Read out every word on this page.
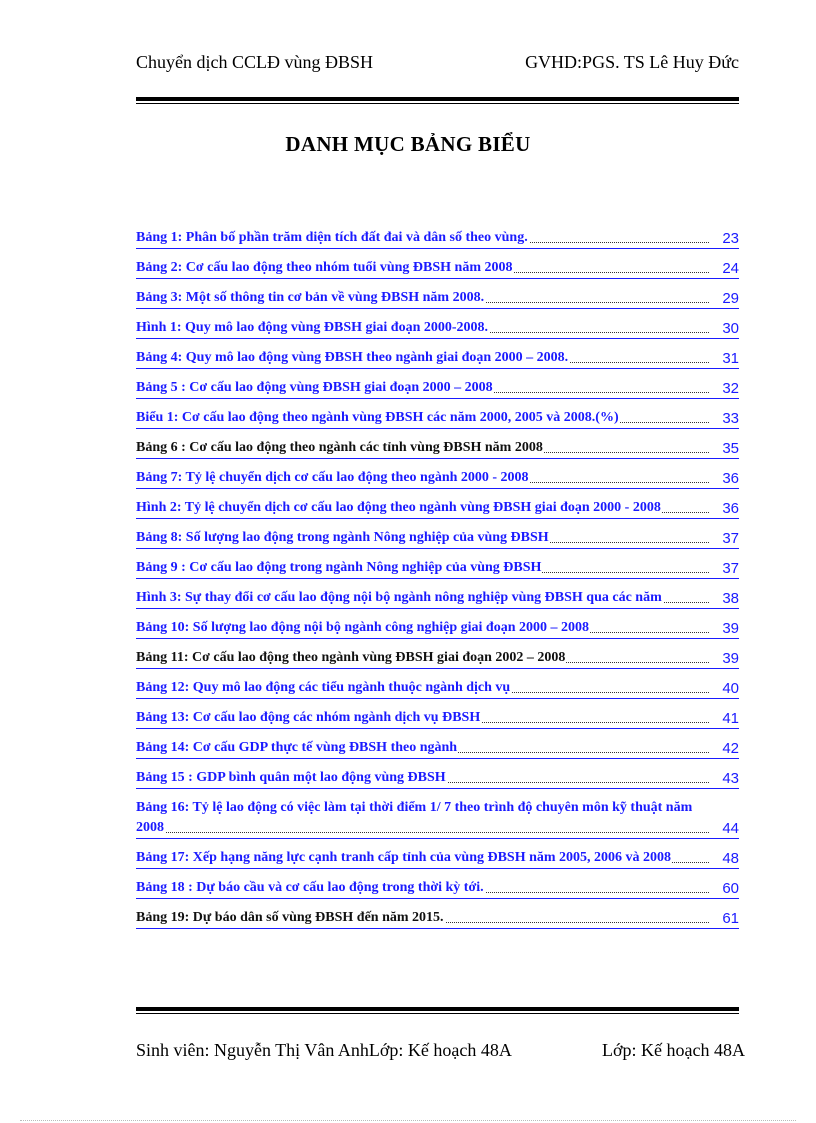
Chuyển dịch CCLĐ vùng ĐBSH	GVHD:PGS. TS Lê Huy Đức
DANH MỤC BẢNG BIỂU
Bảng 1: Phân bố phần trăm diện tích đất đai và dân số theo vùng.	23
Bảng 2: Cơ cấu lao động theo nhóm tuổi vùng ĐBSH năm 2008	24
Bảng 3: Một số thông tin cơ bản về vùng ĐBSH năm 2008.	29
Hình 1: Quy mô lao động vùng ĐBSH giai đoạn 2000-2008.	30
Bảng 4: Quy mô lao động vùng ĐBSH theo ngành giai đoạn 2000 – 2008.	31
Bảng 5 : Cơ cấu lao động vùng ĐBSH giai đoạn 2000 – 2008	32
Biểu 1: Cơ cấu lao động theo ngành vùng ĐBSH các năm 2000, 2005 và 2008.(%)	33
Bảng 6 : Cơ cấu lao động theo ngành các tỉnh vùng ĐBSH năm 2008	35
Bảng 7: Tỷ lệ chuyển dịch cơ cấu lao động theo ngành 2000 - 2008	36
Hình 2: Tỷ lệ chuyển dịch cơ cấu lao động theo ngành vùng ĐBSH giai đoạn 2000 - 2008	36
Bảng 8: Số lượng lao động trong ngành Nông nghiệp của vùng ĐBSH	37
Bảng 9 : Cơ cấu lao động trong ngành Nông nghiệp của vùng ĐBSH	37
Hình 3: Sự thay đổi cơ cấu lao động nội bộ ngành nông nghiệp vùng ĐBSH qua các năm	38
Bảng 10: Số lượng lao động nội bộ ngành công nghiệp giai đoạn 2000 – 2008	39
Bảng 11: Cơ cấu lao động theo ngành vùng ĐBSH giai đoạn 2002 – 2008	39
Bảng 12: Quy mô lao động các tiểu ngành thuộc ngành dịch vụ	40
Bảng 13: Cơ cấu lao động các nhóm ngành dịch vụ ĐBSH	41
Bảng 14: Cơ cấu GDP thực tế vùng ĐBSH theo ngành	42
Bảng 15 : GDP bình quân một lao động vùng ĐBSH	43
Bảng 16: Tỷ lệ lao động có việc làm tại thời điểm 1/ 7 theo trình độ chuyên môn kỹ thuật năm
2008	44
Bảng 17: Xếp hạng năng lực cạnh tranh cấp tỉnh của vùng ĐBSH năm 2005, 2006 và 2008	48
Bảng 18 : Dự báo cầu và cơ cấu lao động trong thời kỳ tới.	60
Bảng 19: Dự báo dân số vùng ĐBSH đến năm 2015.	61
Sinh viên: Nguyễn Thị Vân AnhLớp: Kế hoạch 48A	Lớp: Kế hoạch 48A
